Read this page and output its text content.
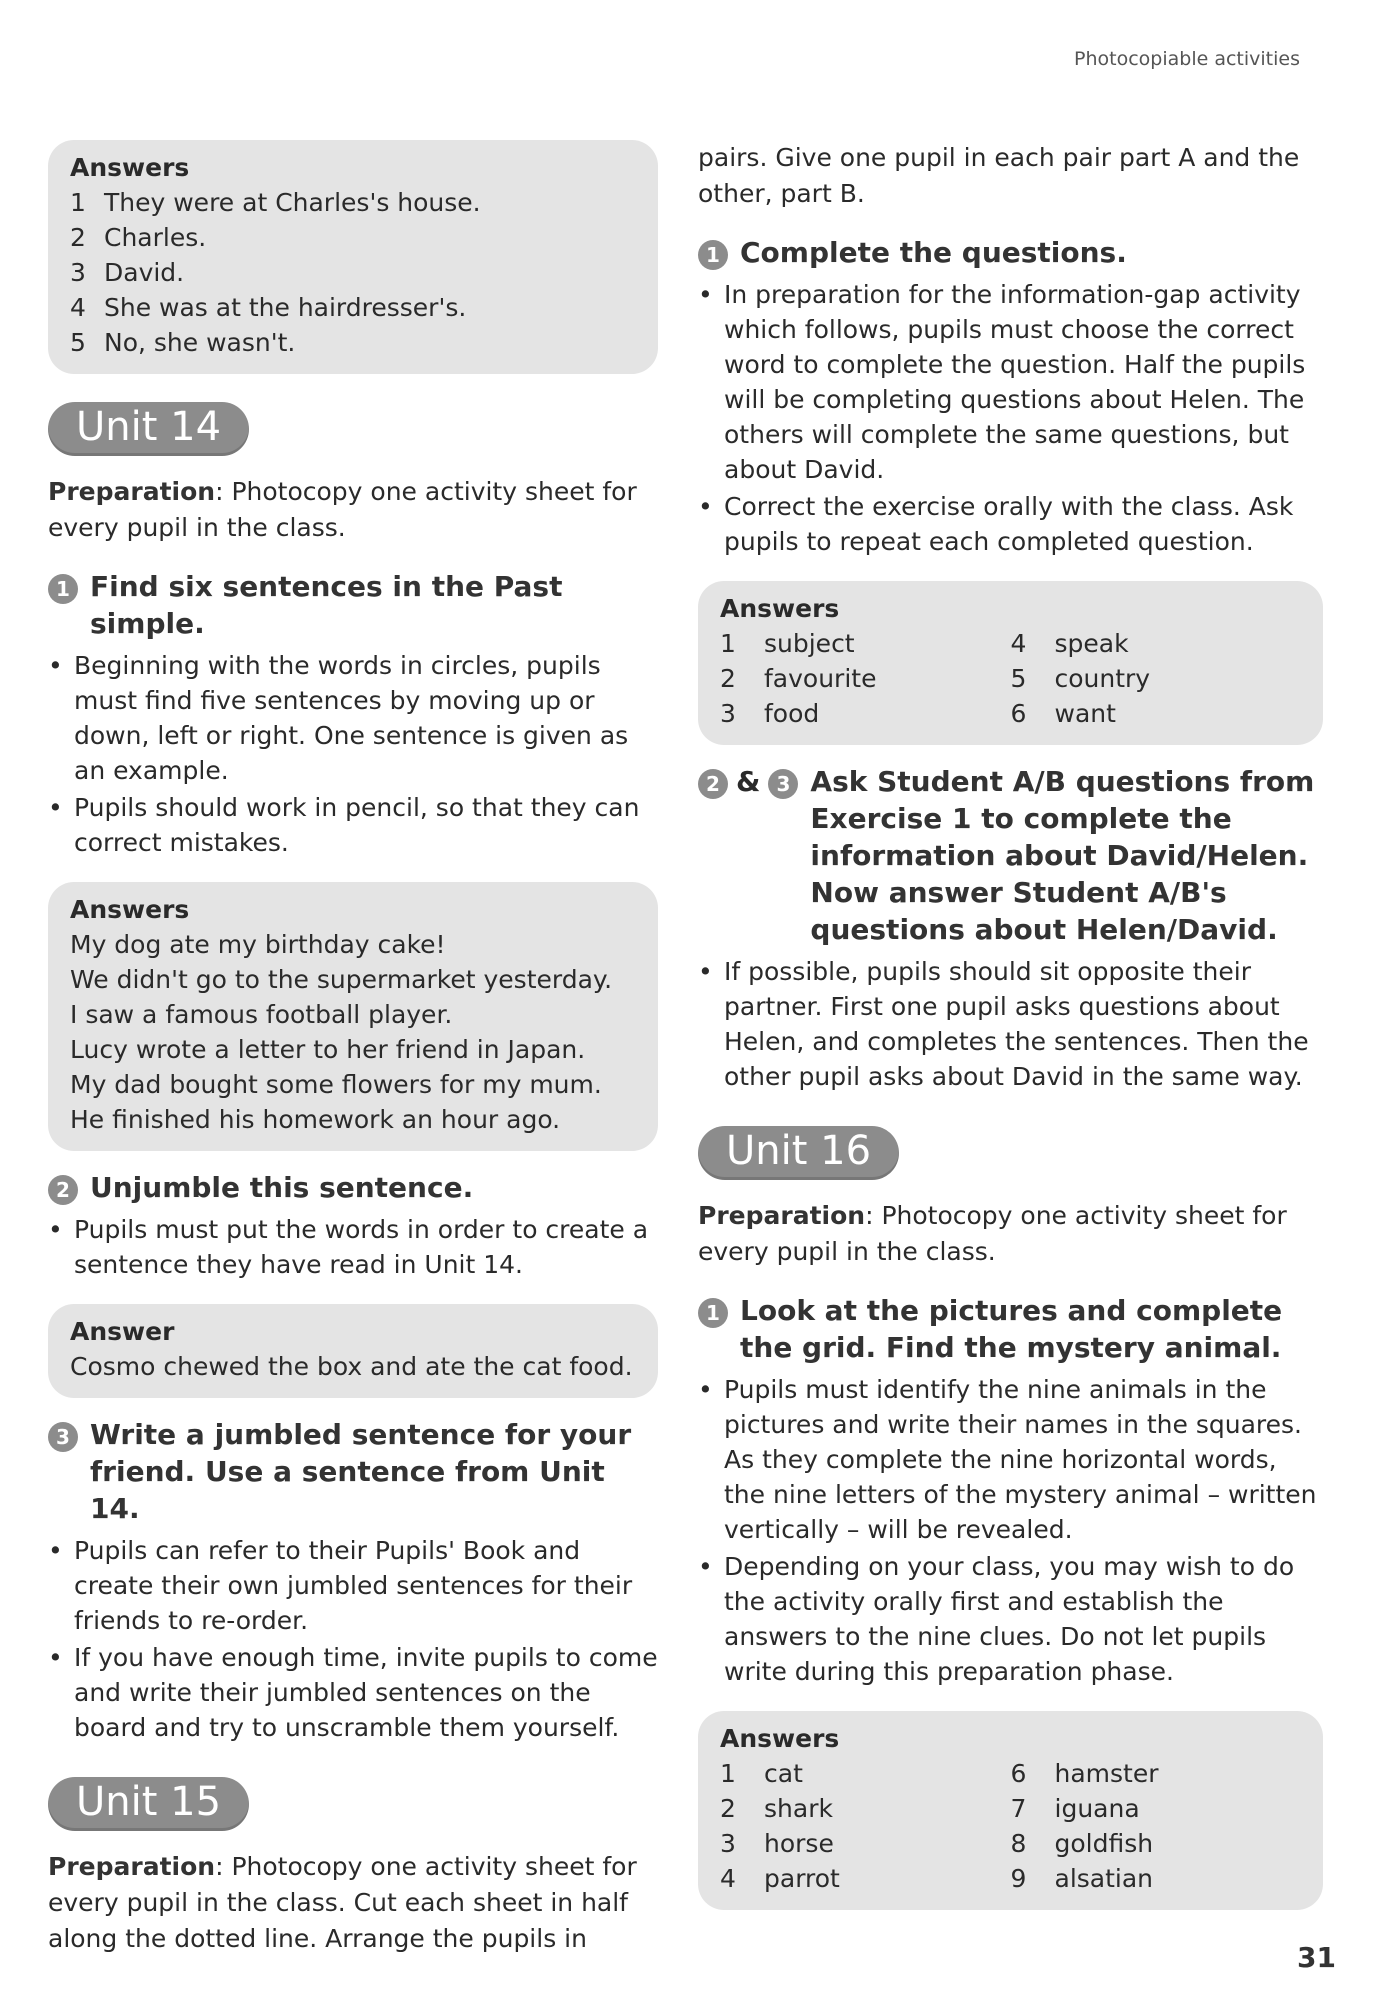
Photocopiable activities
Answers
1 They were at Charles's house.
2 Charles.
3 David.
4 She was at the hairdresser's.
5 No, she wasn't.
Unit 14
Preparation: Photocopy one activity sheet for every pupil in the class.
1 Find six sentences in the Past simple.
• Beginning with the words in circles, pupils must find five sentences by moving up or down, left or right. One sentence is given as an example.
• Pupils should work in pencil, so that they can correct mistakes.
Answers
My dog ate my birthday cake!
We didn't go to the supermarket yesterday.
I saw a famous football player.
Lucy wrote a letter to her friend in Japan.
My dad bought some flowers for my mum.
He finished his homework an hour ago.
2 Unjumble this sentence.
• Pupils must put the words in order to create a sentence they have read in Unit 14.
Answer
Cosmo chewed the box and ate the cat food.
3 Write a jumbled sentence for your friend. Use a sentence from Unit 14.
• Pupils can refer to their Pupils' Book and create their own jumbled sentences for their friends to re-order.
• If you have enough time, invite pupils to come and write their jumbled sentences on the board and try to unscramble them yourself.
Unit 15
Preparation: Photocopy one activity sheet for every pupil in the class. Cut each sheet in half along the dotted line. Arrange the pupils in
pairs. Give one pupil in each pair part A and the other, part B.
1 Complete the questions.
• In preparation for the information-gap activity which follows, pupils must choose the correct word to complete the question. Half the pupils will be completing questions about Helen. The others will complete the same questions, but about David.
• Correct the exercise orally with the class. Ask pupils to repeat each completed question.
Answers
1	subject	4	speak
2	favourite	5	country
3	food	6	want
2 & 3 Ask Student A/B questions from Exercise 1 to complete the information about David/Helen. Now answer Student A/B's questions about Helen/David.
• If possible, pupils should sit opposite their partner. First one pupil asks questions about Helen, and completes the sentences. Then the other pupil asks about David in the same way.
Unit 16
Preparation: Photocopy one activity sheet for every pupil in the class.
1 Look at the pictures and complete the grid. Find the mystery animal.
• Pupils must identify the nine animals in the pictures and write their names in the squares. As they complete the nine horizontal words, the nine letters of the mystery animal – written vertically – will be revealed.
• Depending on your class, you may wish to do the activity orally first and establish the answers to the nine clues. Do not let pupils write during this preparation phase.
Answers
1	cat	6	hamster
2	shark	7	iguana
3	horse	8	goldfish
4	parrot	9	alsatian
31
